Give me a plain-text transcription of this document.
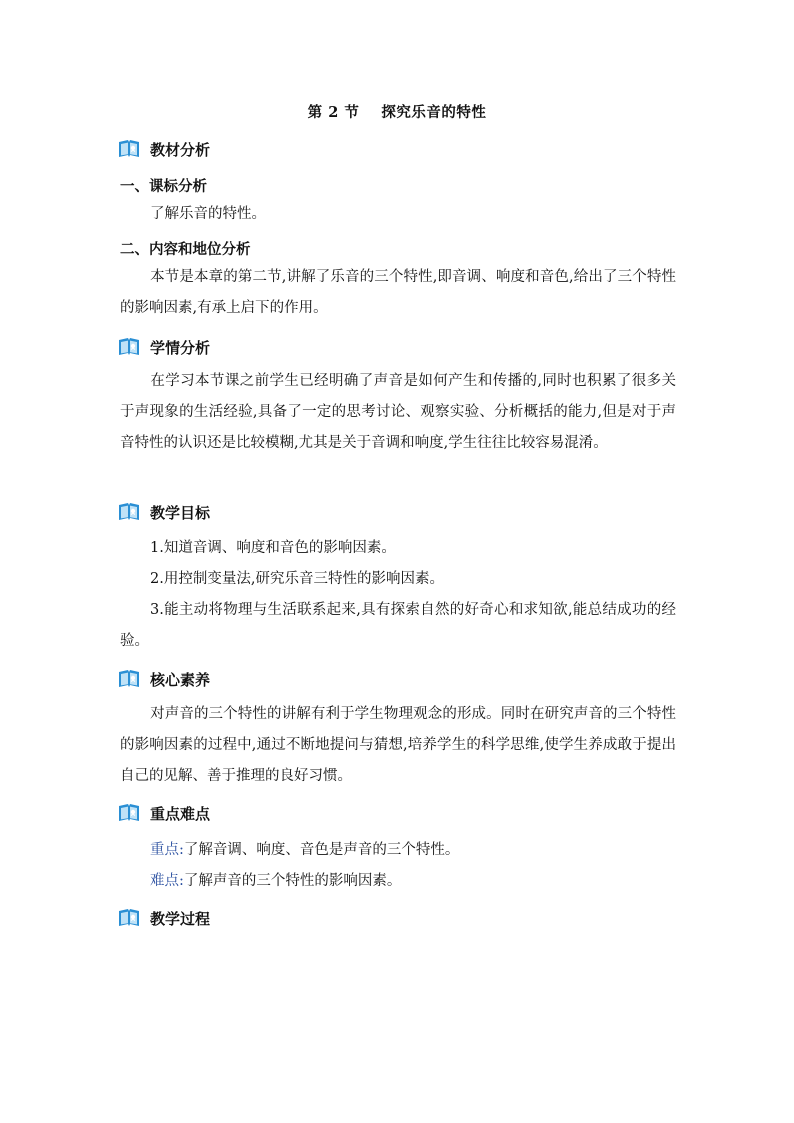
第 2 节 探究乐音的特性
教材分析
一、课标分析
了解乐音的特性。
二、内容和地位分析
本节是本章的第二节,讲解了乐音的三个特性,即音调、响度和音色,给出了三个特性的影响因素,有承上启下的作用。
学情分析
在学习本节课之前学生已经明确了声音是如何产生和传播的,同时也积累了很多关于声现象的生活经验,具备了一定的思考讨论、观察实验、分析概括的能力,但是对于声音特性的认识还是比较模糊,尤其是关于音调和响度,学生往往比较容易混淆。
教学目标
1.知道音调、响度和音色的影响因素。
2.用控制变量法,研究乐音三特性的影响因素。
3.能主动将物理与生活联系起来,具有探索自然的好奇心和求知欲,能总结成功的经验。
核心素养
对声音的三个特性的讲解有利于学生物理观念的形成。同时在研究声音的三个特性的影响因素的过程中,通过不断地提问与猜想,培养学生的科学思维,使学生养成敢于提出自己的见解、善于推理的良好习惯。
重点难点
重点:了解音调、响度、音色是声音的三个特性。
难点:了解声音的三个特性的影响因素。
教学过程
